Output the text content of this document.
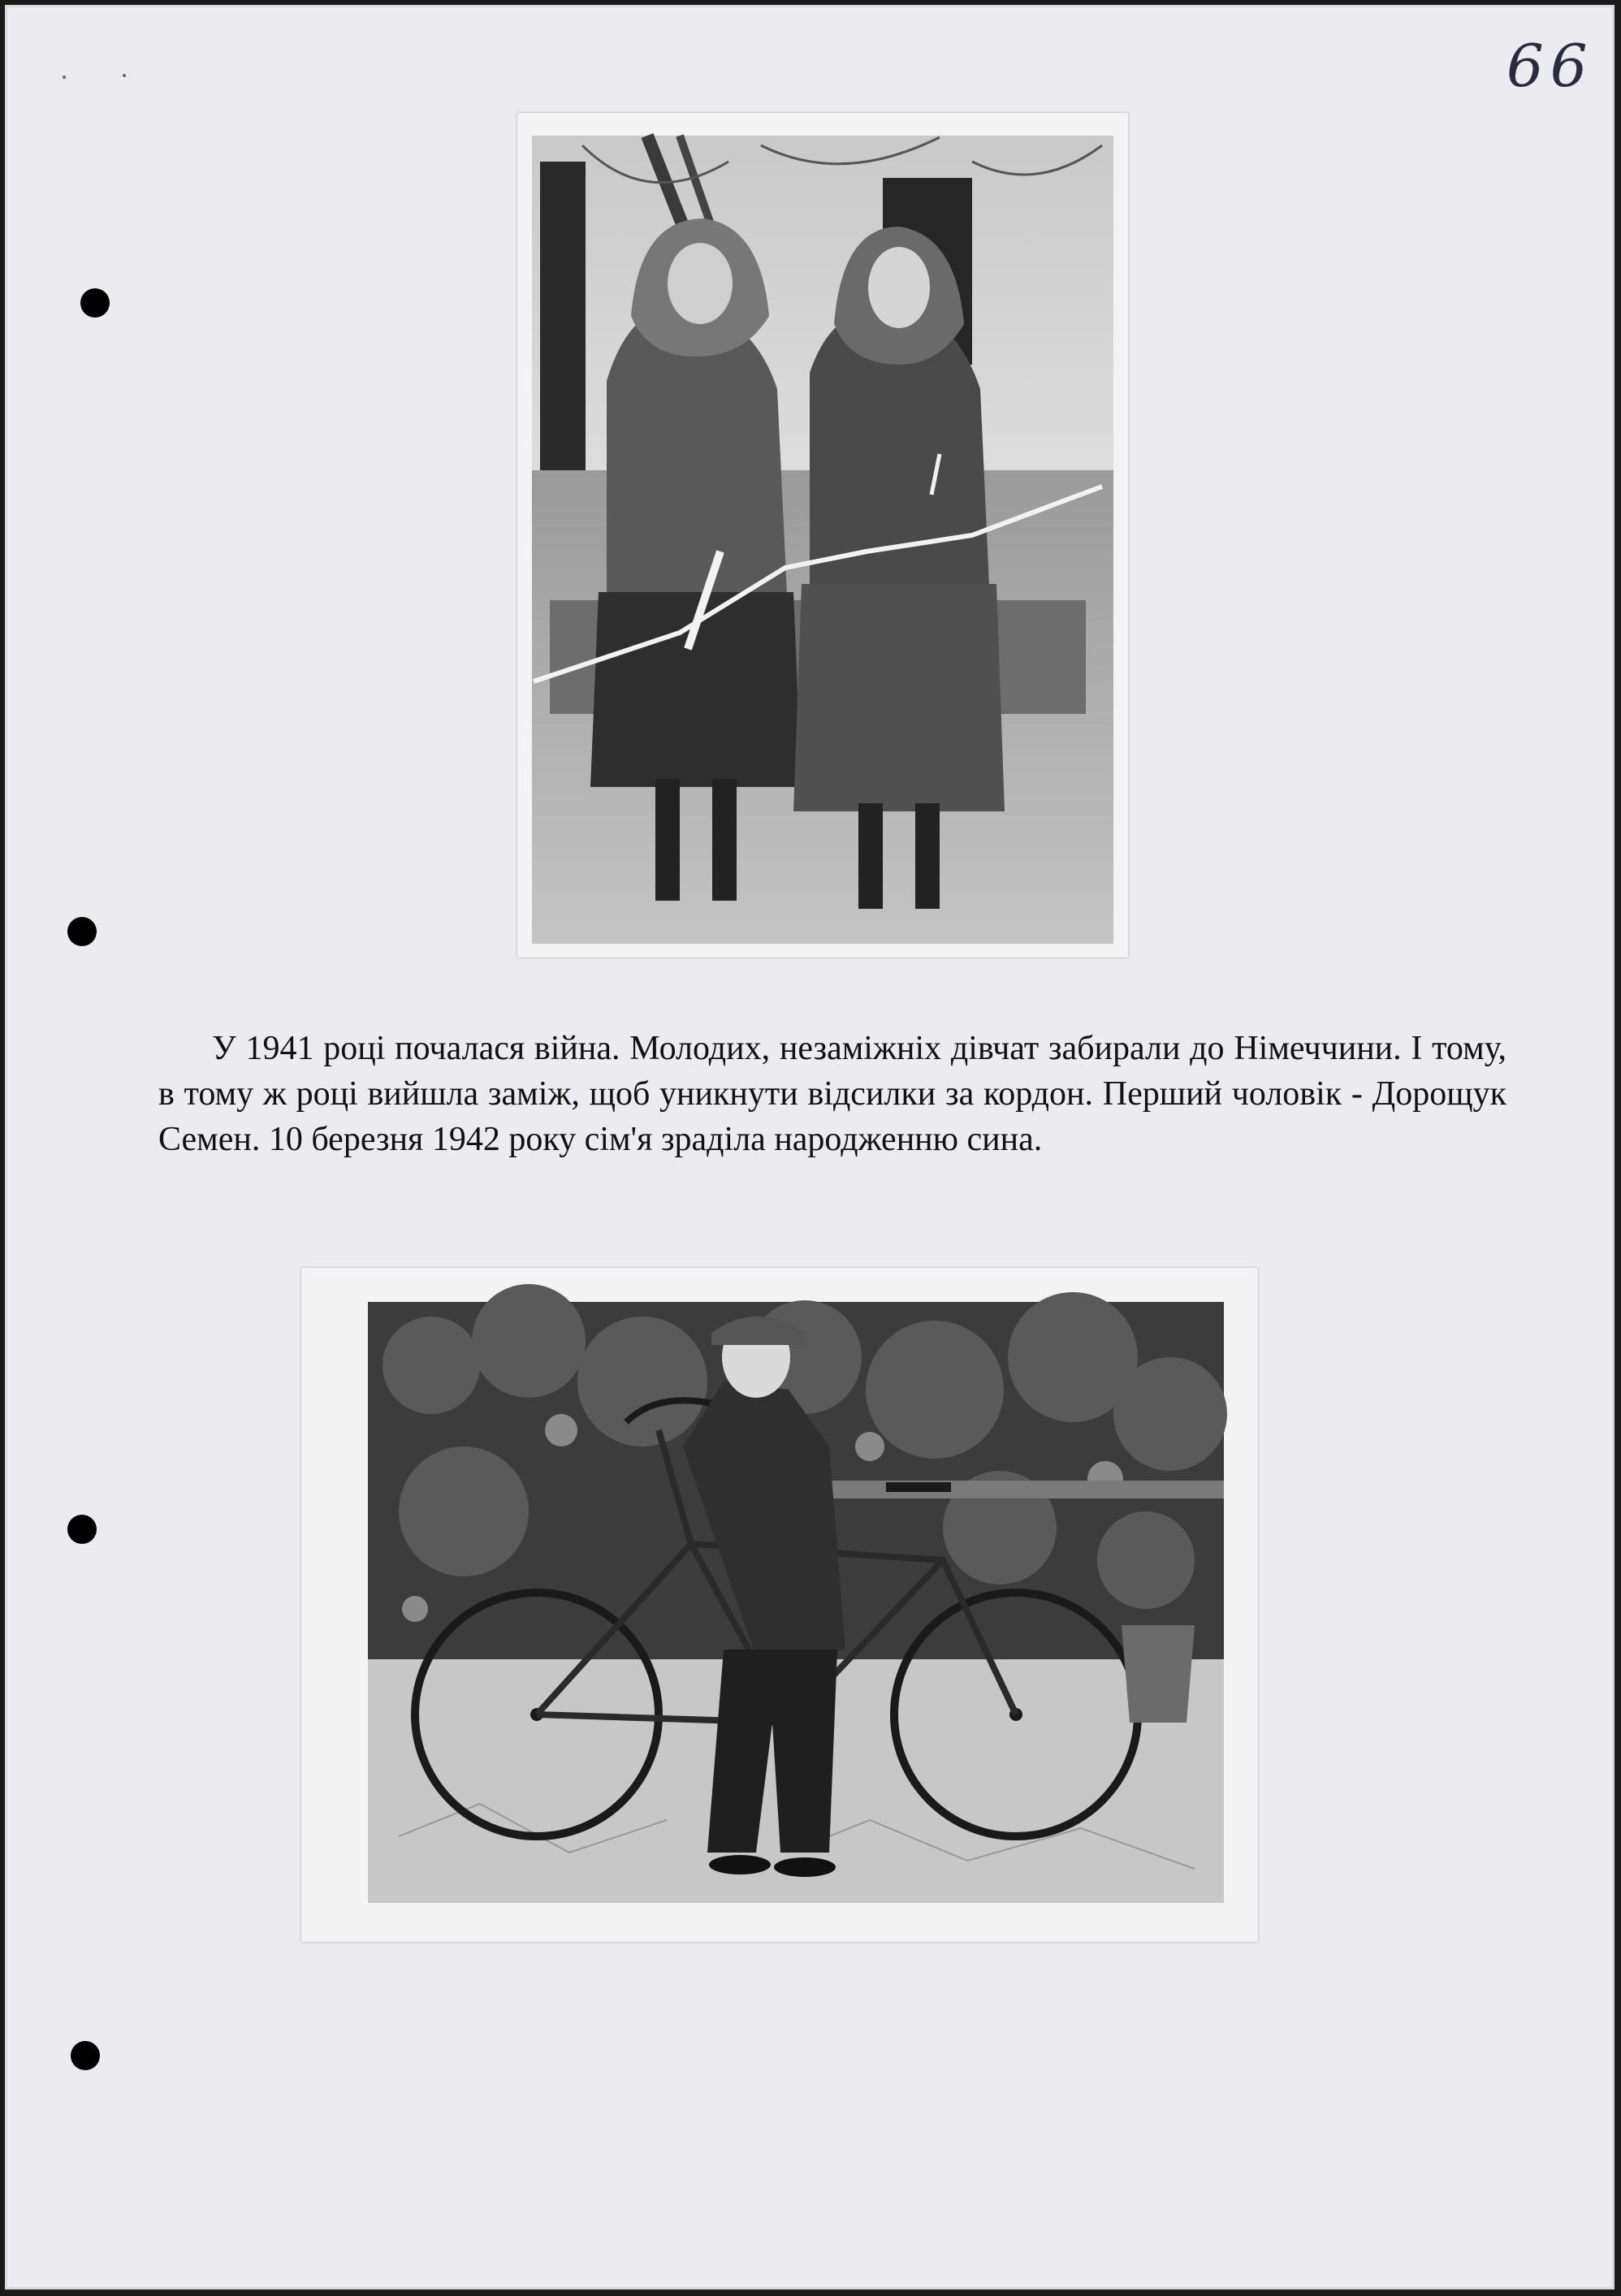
66

У 1941 році почалася війна. Молодих, незаміжніх дівчат забирали до Німеччини. І тому, в тому ж році вийшла заміж, щоб уникнути відсилки за кордон. Перший чоловік - Дорощук Семен. 10 березня 1942 року сім'я зраділа народженню сина.
